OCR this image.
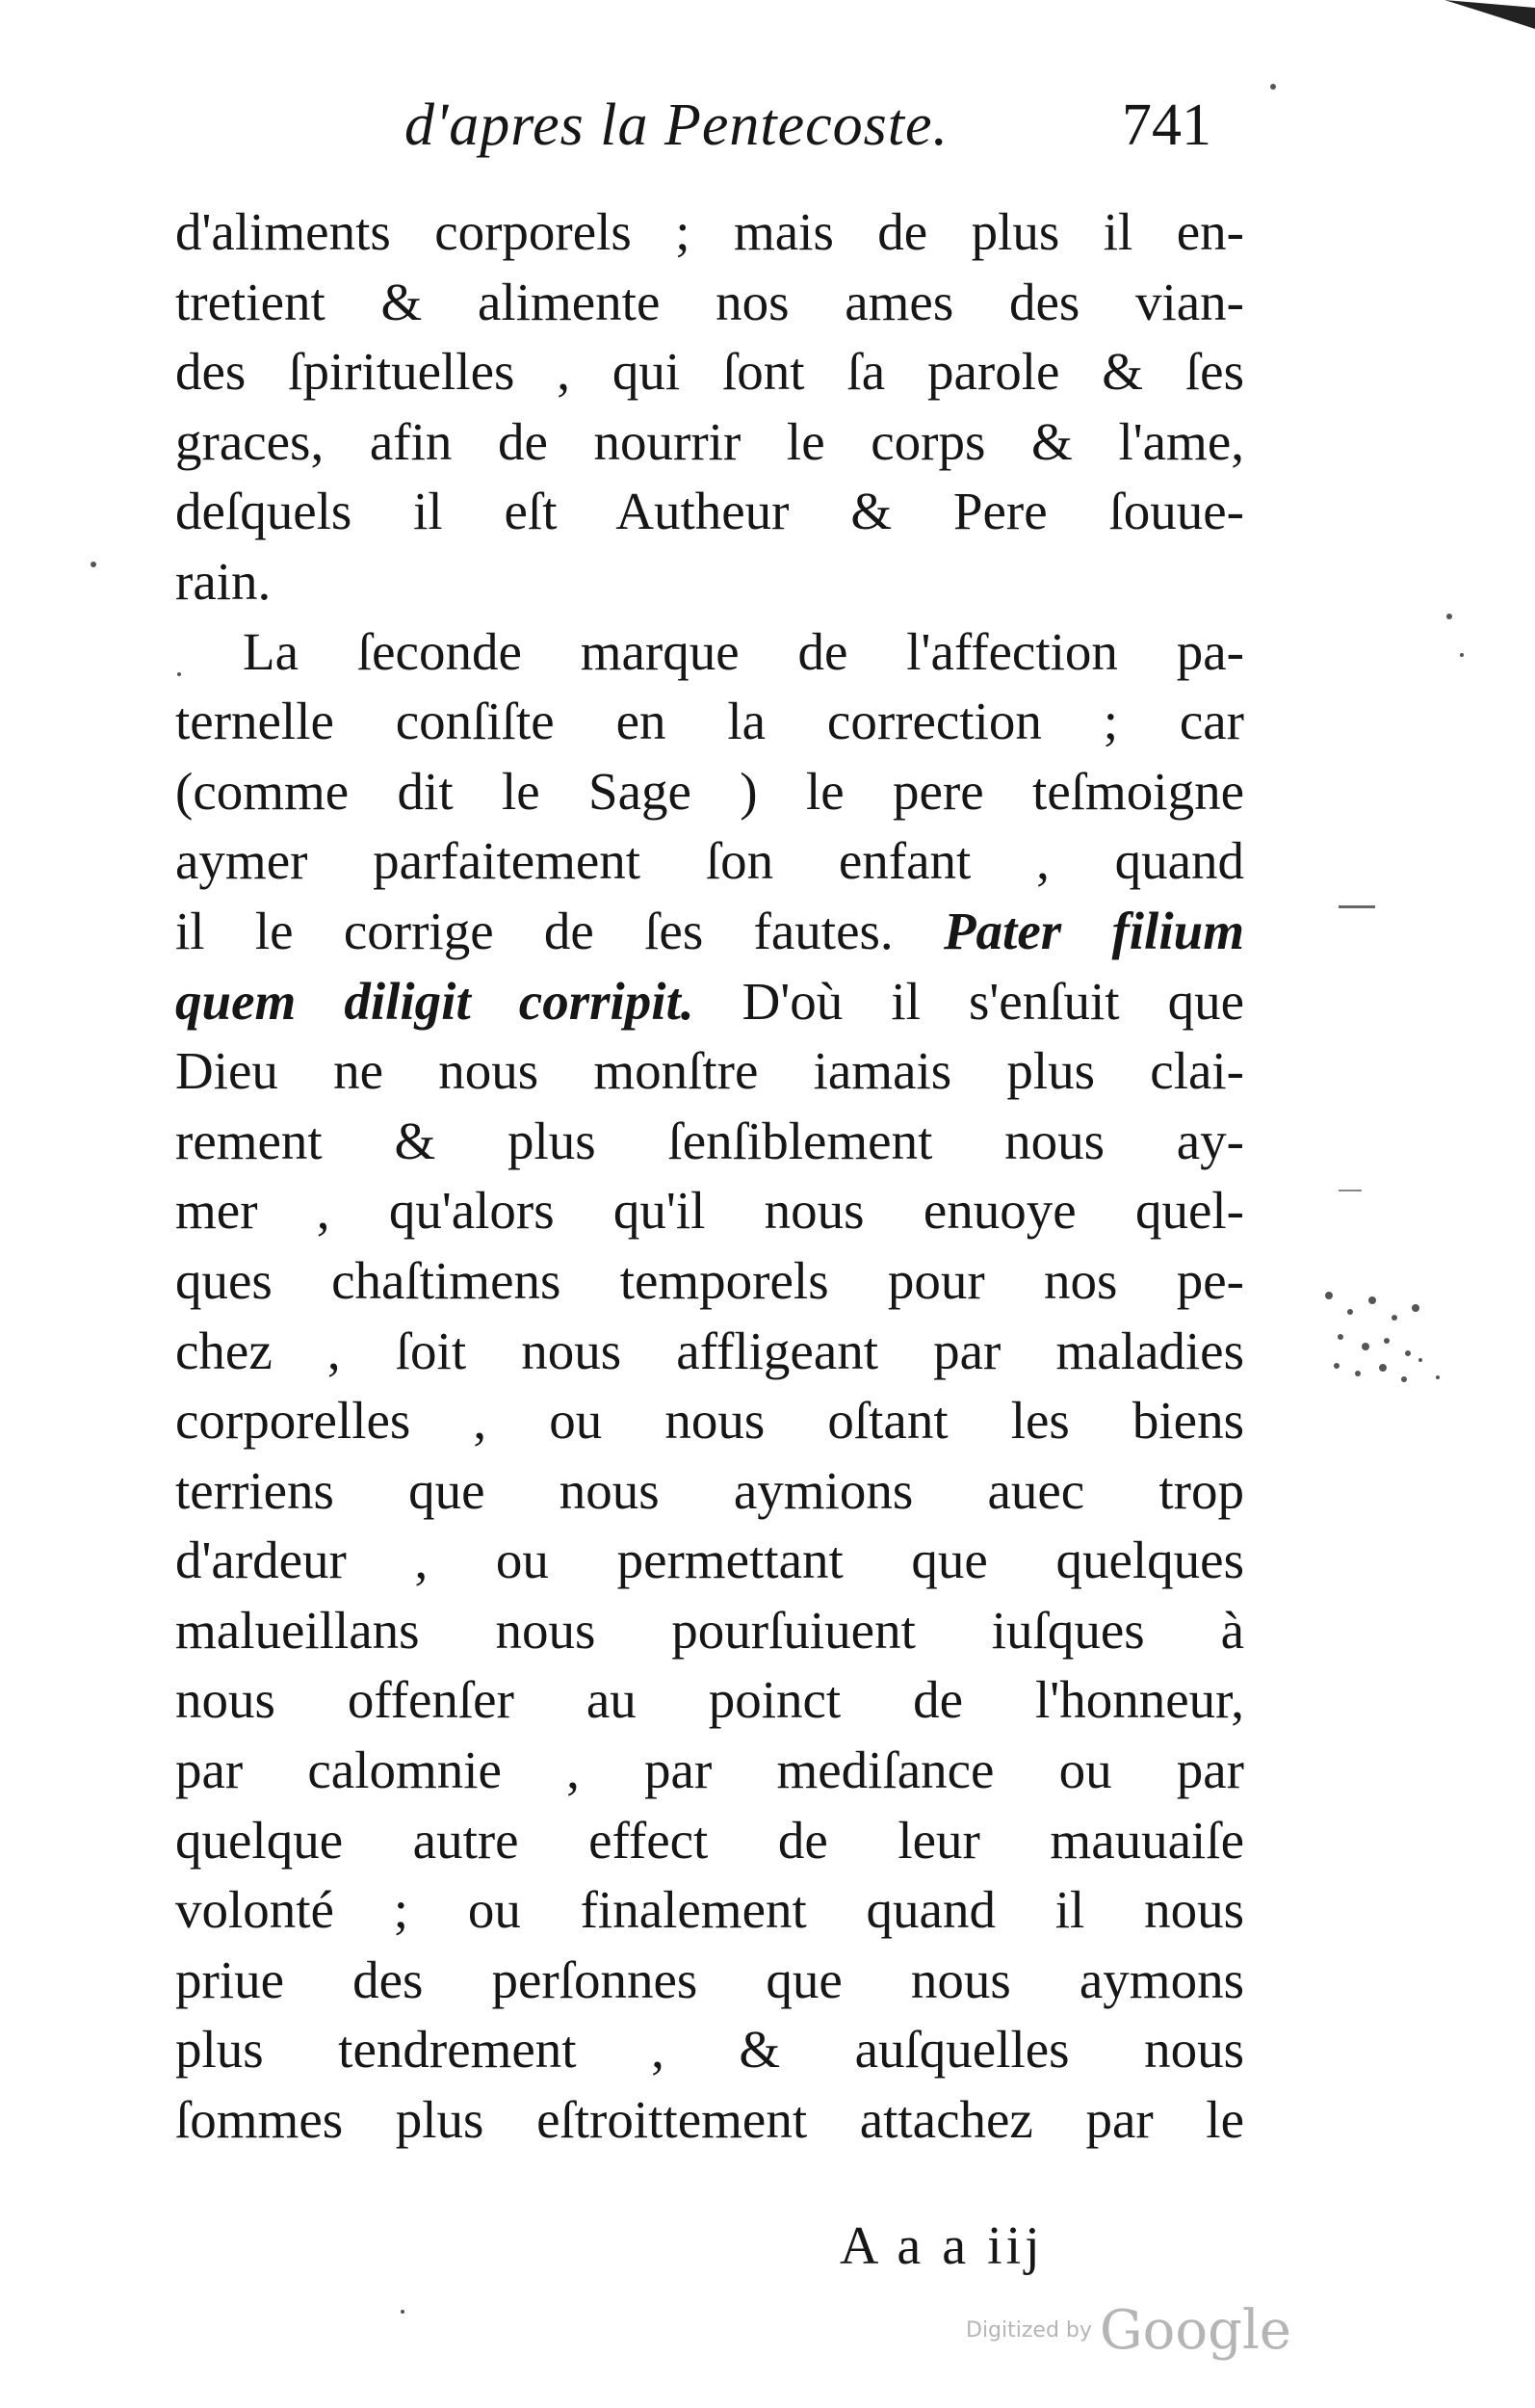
d'apres la Pentecoste.	741
d'aliments corporels ; mais de plus il en-
tretient & alimente nos ames des vian-
des ſpirituelles , qui ſont ſa parole & ſes
graces, afin de nourrir le corps & l'ame,
deſquels il eſt Autheur & Pere ſouue-
rain.
La ſeconde marque de l'affection pa-
ternelle conſiſte en la correction ; car
(comme dit le Sage ) le pere teſmoigne
aymer parfaitement ſon enfant , quand
il le corrige de ſes fautes. Pater filium
quem diligit corripit. D'où il s'enſuit que
Dieu ne nous monſtre iamais plus clai-
rement & plus ſenſiblement nous ay-
mer , qu'alors qu'il nous enuoye quel-
ques chaſtimens temporels pour nos pe-
chez , ſoit nous affligeant par maladies
corporelles , ou nous oſtant les biens
terriens que nous aymions auec trop
d'ardeur , ou permettant que quelques
malueillans nous pourſuiuent iuſques à
nous offenſer au poinct de l'honneur,
par calomnie , par mediſance ou par
quelque autre effect de leur mauuaiſe
volonté ; ou finalement quand il nous
priue des perſonnes que nous aymons
plus tendrement , & auſquelles nous
ſommes plus eſtroittement attachez par le
A a a iij
Digitized by Google
